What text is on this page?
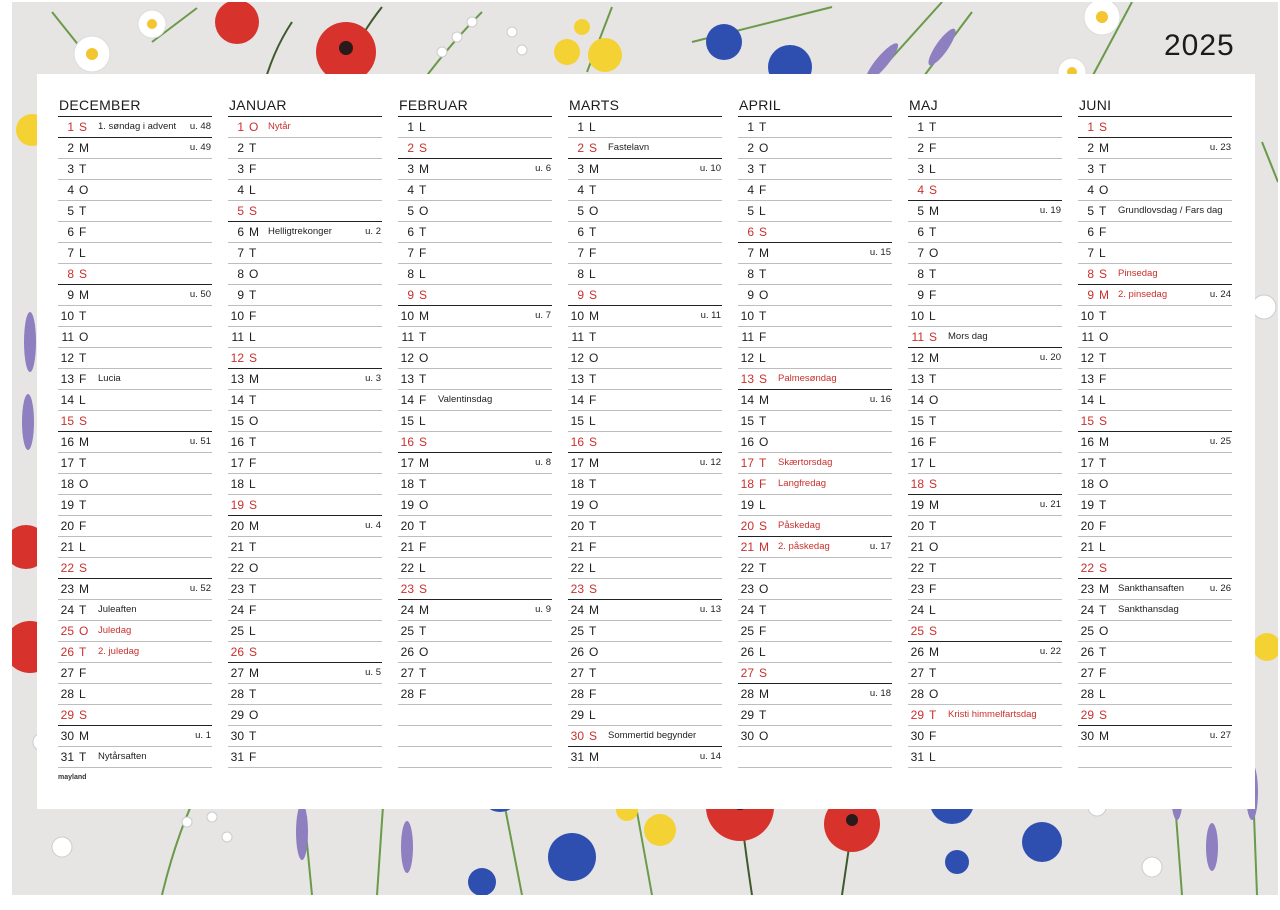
2025
mayland
DECEMBER
1 S 1. søndag i advent u. 48
2 M	u. 49
3 T
4 O
5 T
6 F
7 L
8 S
9 M	u. 50
10 T
11 O
12 T
13 F Lucia
14 L
15 S
16 M	u. 51
17 T
18 O
19 T
20 F
21 L
22 S
23 M	u. 52
24 T Juleaften
25 O Juledag
26 T 2. juledag
27 F
28 L
29 S
30 M	u. 1
31 T Nytårsaften
JANUAR
1 O Nytår
2 T
3 F
4 L
5 S
6 M Helligtrekonger	u. 2
7 T
8 O
9 T
10 F
11 L
12 S
13 M	u. 3
14 T
15 O
16 T
17 F
18 L
19 S
20 M	u. 4
21 T
22 O
23 T
24 F
25 L
26 S
27 M	u. 5
28 T
29 O
30 T
31 F
FEBRUAR
1 L
2 S
3 M	u. 6
4 T
5 O
6 T
7 F
8 L
9 S
10 M	u. 7
11 T
12 O
13 T
14 F Valentinsdag
15 L
16 S
17 M	u. 8
18 T
19 O
20 T
21 F
22 L
23 S
24 M	u. 9
25 T
26 O
27 T
28 F
MARTS
1 L
2 S Fastelavn
3 M	u. 10
4 T
5 O
6 T
7 F
8 L
9 S
10 M	u. 11
11 T
12 O
13 T
14 F
15 L
16 S
17 M	u. 12
18 T
19 O
20 T
21 F
22 L
23 S
24 M	u. 13
25 T
26 O
27 T
28 F
29 L
30 S Sommertid begynder
31 M	u. 14
APRIL
1 T
2 O
3 T
4 F
5 L
6 S
7 M	u. 15
8 T
9 O
10 T
11 F
12 L
13 S Palmesøndag
14 M	u. 16
15 T
16 O
17 T Skærtorsdag
18 F Langfredag
19 L
20 S Påskedag
21 M 2. påskedag	u. 17
22 T
23 O
24 T
25 F
26 L
27 S
28 M	u. 18
29 T
30 O
MAJ
1 T
2 F
3 L
4 S
5 M	u. 19
6 T
7 O
8 T
9 F
10 L
11 S Mors dag
12 M	u. 20
13 T
14 O
15 T
16 F
17 L
18 S
19 M	u. 21
20 T
21 O
22 T
23 F
24 L
25 S
26 M	u. 22
27 T
28 O
29 T Kristi himmelfartsdag
30 F
31 L
JUNI
1 S
2 M	u. 23
3 T
4 O
5 T Grundlovsdag / Fars dag
6 F
7 L
8 S Pinsedag
9 M 2. pinsedag	u. 24
10 T
11 O
12 T
13 F
14 L
15 S
16 M	u. 25
17 T
18 O
19 T
20 F
21 L
22 S
23 M Sankthansaften	u. 26
24 T Sankthansdag
25 O
26 T
27 F
28 L
29 S
30 M	u. 27
